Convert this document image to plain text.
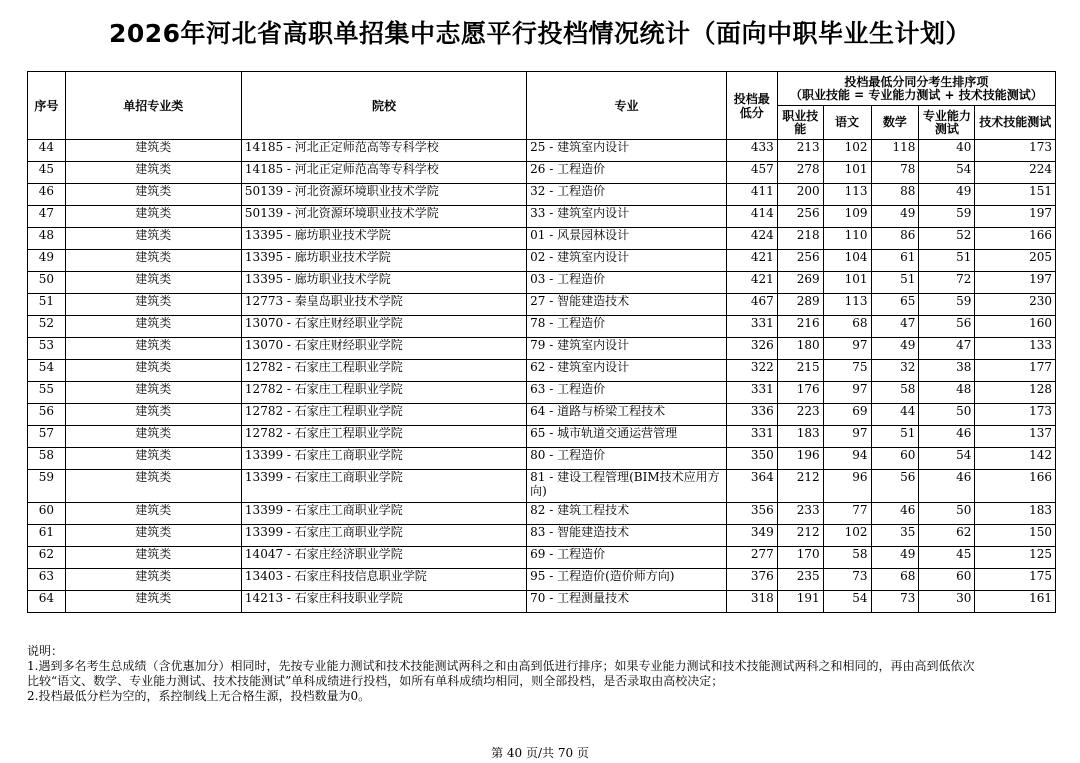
2026年河北省高职单招集中志愿平行投档情况统计（面向中职毕业生计划）
序号	单招专业类	院校	专业	投档最低分	投档最低分同分考生排序项
（职业技能 = 专业能力测试 + 技术技能测试）				

					职业技能	语文	数学	专业能力测试	技术技能测试
44	建筑类	14185 - 河北正定师范高等专科学校	25 - 建筑室内设计	433	213	102	118	40	173
45	建筑类	14185 - 河北正定师范高等专科学校	26 - 工程造价	457	278	101	78	54	224
46	建筑类	50139 - 河北资源环境职业技术学院	32 - 工程造价	411	200	113	88	49	151
47	建筑类	50139 - 河北资源环境职业技术学院	33 - 建筑室内设计	414	256	109	49	59	197
48	建筑类	13395 - 廊坊职业技术学院	01 - 风景园林设计	424	218	110	86	52	166
49	建筑类	13395 - 廊坊职业技术学院	02 - 建筑室内设计	421	256	104	61	51	205
50	建筑类	13395 - 廊坊职业技术学院	03 - 工程造价	421	269	101	51	72	197
51	建筑类	12773 - 秦皇岛职业技术学院	27 - 智能建造技术	467	289	113	65	59	230
52	建筑类	13070 - 石家庄财经职业学院	78 - 工程造价	331	216	68	47	56	160
53	建筑类	13070 - 石家庄财经职业学院	79 - 建筑室内设计	326	180	97	49	47	133
54	建筑类	12782 - 石家庄工程职业学院	62 - 建筑室内设计	322	215	75	32	38	177
55	建筑类	12782 - 石家庄工程职业学院	63 - 工程造价	331	176	97	58	48	128
56	建筑类	12782 - 石家庄工程职业学院	64 - 道路与桥梁工程技术	336	223	69	44	50	173
57	建筑类	12782 - 石家庄工程职业学院	65 - 城市轨道交通运营管理	331	183	97	51	46	137
58	建筑类	13399 - 石家庄工商职业学院	80 - 工程造价	350	196	94	60	54	142
59	建筑类	13399 - 石家庄工商职业学院	81 - 建设工程管理(BIM技术应用方向)	364	212	96	56	46	166
60	建筑类	13399 - 石家庄工商职业学院	82 - 建筑工程技术	356	233	77	46	50	183
61	建筑类	13399 - 石家庄工商职业学院	83 - 智能建造技术	349	212	102	35	62	150
62	建筑类	14047 - 石家庄经济职业学院	69 - 工程造价	277	170	58	49	45	125
63	建筑类	13403 - 石家庄科技信息职业学院	95 - 工程造价(造价师方向)	376	235	73	68	60	175
64	建筑类	14213 - 石家庄科技职业学院	70 - 工程测量技术	318	191	54	73	30	161
说明：
1.遇到多名考生总成绩（含优惠加分）相同时，先按专业能力测试和技术技能测试两科之和由高到低进行排序；如果专业能力测试和技术技能测试两科之和相同的，再由高到低依次
比较“语文、数学、专业能力测试、技术技能测试”单科成绩进行投档，如所有单科成绩均相同，则全部投档，是否录取由高校决定；
2.投档最低分栏为空的，系控制线上无合格生源，投档数量为0。
第 40 页/共 70 页
